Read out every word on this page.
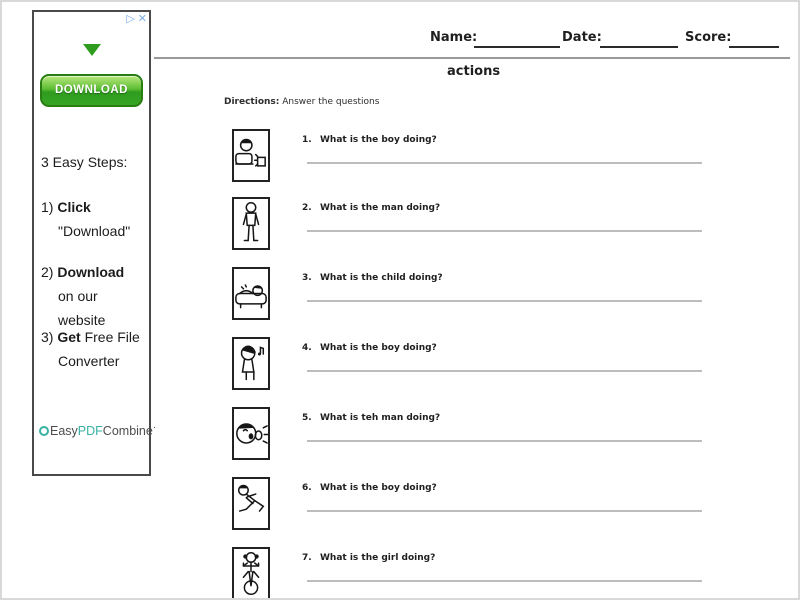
▷ ✕
DOWNLOAD
3 Easy Steps:
1) Click
"Download"
2) Download
on our website
3) Get Free File
Converter
EasyPDFCombine·
Name:	Date:	Score:
actions
Directions: Answer the questions
1. What is the boy doing?
2. What is the man doing?
3. What is the child doing?
4. What is the boy doing?
5. What is teh man doing?
6. What is the boy doing?
7. What is the girl doing?
